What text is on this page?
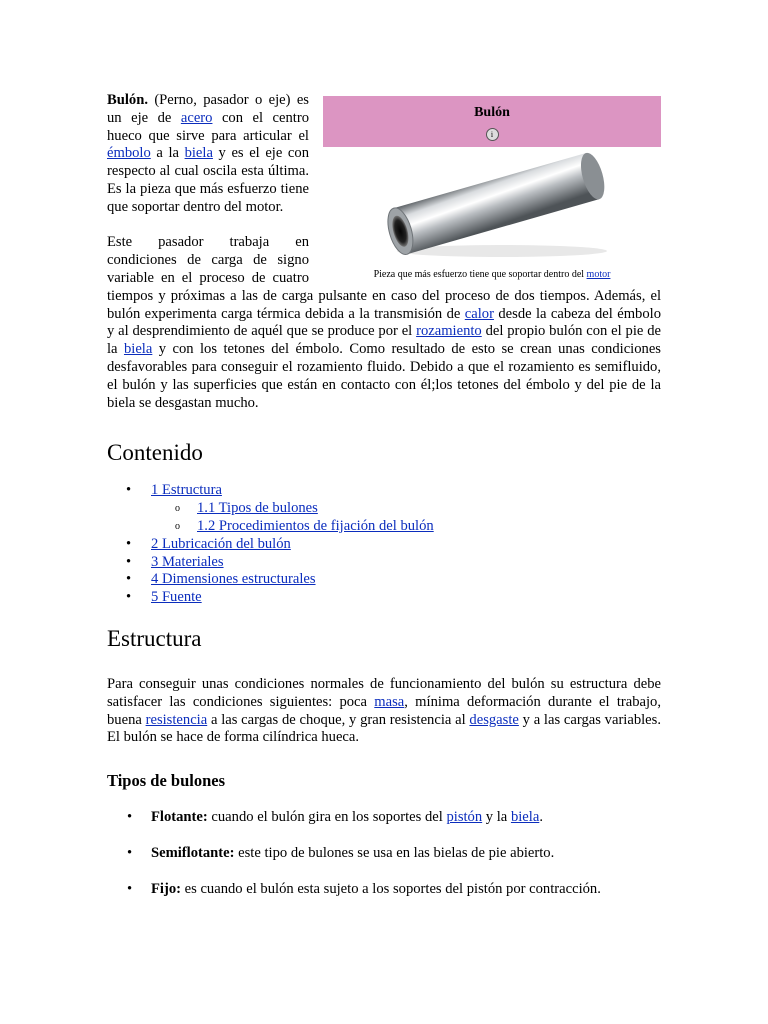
Bulón
i
Pieza que más esfuerzo tiene que soportar dentro del motor

Bulón. (Perno, pasador o eje) es un eje de acero con el centro hueco que sirve para articular el émbolo a la biela y es el eje con respecto al cual oscila esta última. Es la pieza que más esfuerzo tiene que soportar dentro del motor.

Este pasador trabaja en condiciones de carga de signo variable en el proceso de cuatro tiempos y próximas a las de carga pulsante en caso del proceso de dos tiempos. Además, el bulón experimenta carga térmica debida a la transmisión de calor desde la cabeza del émbolo y al desprendimiento de aquél que se produce por el rozamiento del propio bulón con el pie de la biela y con los tetones del émbolo. Como resultado de esto se crean unas condiciones desfavorables para conseguir el rozamiento fluido. Debido a que el rozamiento es semifluido, el bulón y las superficies que están en contacto con él;los tetones del émbolo y del pie de la biela se desgastan mucho.

Contenido
• 1 Estructura
o 1.1 Tipos de bulones
o 1.2 Procedimientos de fijación del bulón
• 2 Lubricación del bulón
• 3 Materiales
• 4 Dimensiones estructurales
• 5 Fuente
Estructura

Para conseguir unas condiciones normales de funcionamiento del bulón su estructura debe satisfacer las condiciones siguientes: poca masa, mínima deformación durante el trabajo, buena resistencia a las cargas de choque, y gran resistencia al desgaste y a las cargas variables. El bulón se hace de forma cilíndrica hueca.

Tipos de bulones
• Flotante: cuando el bulón gira en los soportes del pistón y la biela.
• Semiflotante: este tipo de bulones se usa en las bielas de pie abierto.
• Fijo: es cuando el bulón esta sujeto a los soportes del pistón por contracción.
